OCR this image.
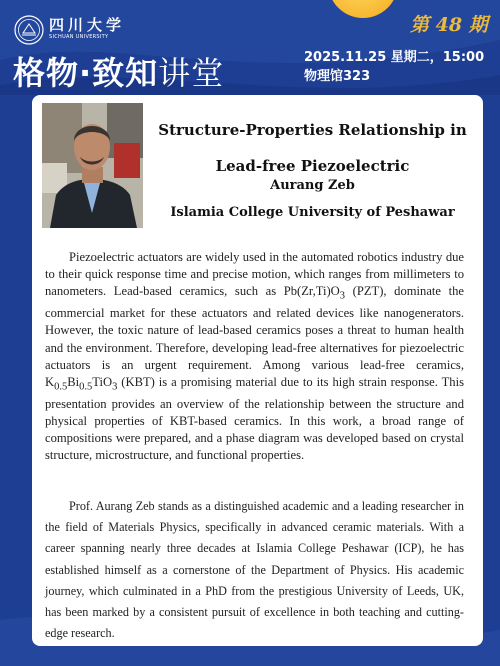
四川大学
SICHUAN UNIVERSITY
第 48 期
格物·致知讲堂	2025.11.25 星期二，15:00
物理馆323
Structure-Properties Relationship in
Lead-free Piezoelectric
Aurang Zeb
Islamia College University of Peshawar
Piezoelectric actuators are widely used in the automated robotics industry due to their quick response time and precise motion, which ranges from millimeters to nanometers. Lead-based ceramics, such as $Pb(Zr,Ti)O_3$ (PZT), dominate the commercial market for these actuators and related devices like nanogenerators. However, the toxic nature of lead-based ceramics poses a threat to human health and the environment. Therefore, developing lead-free alternatives for piezoelectric actuators is an urgent requirement. Among various lead-free ceramics, $K_{0.5}Bi_{0.5}TiO_3$ (KBT) is a promising material due to its high strain response. This presentation provides an overview of the relationship between the structure and physical properties of KBT-based ceramics. In this work, a broad range of compositions were prepared, and a phase diagram was developed based on crystal structure, microstructure, and functional properties.
Prof. Aurang Zeb stands as a distinguished academic and a leading researcher in the field of Materials Physics, specifically in advanced ceramic materials. With a career spanning nearly three decades at Islamia College Peshawar (ICP), he has established himself as a cornerstone of the Department of Physics. His academic journey, which culminated in a PhD from the prestigious University of Leeds, UK, has been marked by a consistent pursuit of excellence in both teaching and cutting-edge research.
